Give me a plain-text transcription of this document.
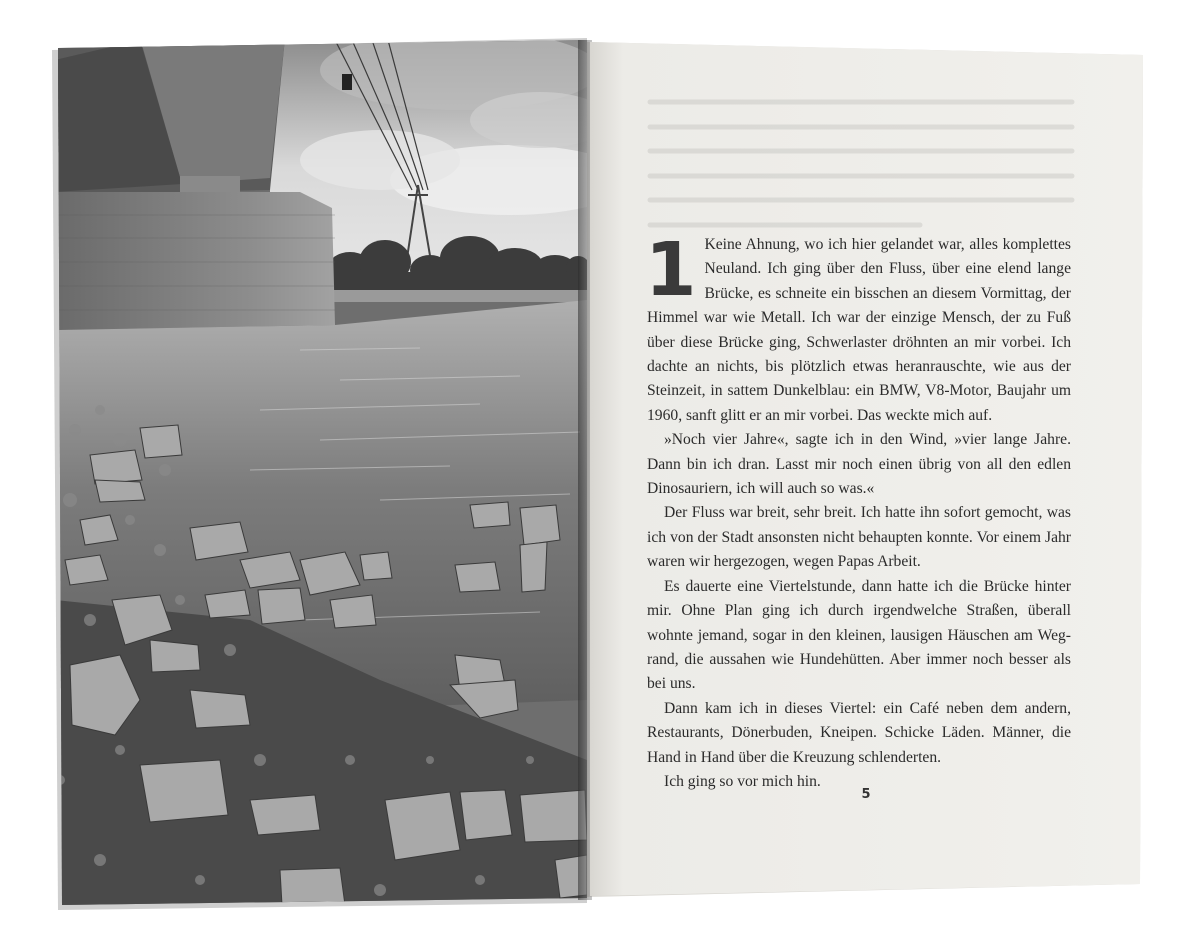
1 Keine Ahnung, wo ich hier gelandet war, alles komplettes Neuland. Ich ging über den Fluss, über eine elend lange Brücke, es schneite ein bisschen an diesem Vormittag, der Himmel war wie Metall. Ich war der einzige Mensch, der zu Fuß über diese Brücke ging, Schwerlaster dröhnten an mir vorbei. Ich dachte an nichts, bis plötzlich etwas heranrauschte, wie aus der Steinzeit, in sattem Dunkelblau: ein BMW, V8-Motor, Baujahr um 1960, sanft glitt er an mir vorbei. Das weckte mich auf.

»Noch vier Jahre«, sagte ich in den Wind, »vier lange Jahre. Dann bin ich dran. Lasst mir noch einen übrig von all den edlen Dinosauriern, ich will auch so was.«

Der Fluss war breit, sehr breit. Ich hatte ihn sofort gemocht, was ich von der Stadt ansonsten nicht behaupten konnte. Vor einem Jahr waren wir hergezogen, wegen Papas Arbeit.

Es dauerte eine Viertelstunde, dann hatte ich die Brücke hinter mir. Ohne Plan ging ich durch irgendwelche Straßen, überall wohnte jemand, sogar in den kleinen, lausigen Häuschen am Wegrand, die aussahen wie Hundehütten. Aber immer noch besser als bei uns.

Dann kam ich in dieses Viertel: ein Café neben dem andern, Restaurants, Dönerbuden, Kneipen. Schicke Läden. Männer, die Hand in Hand über die Kreuzung schlenderten.

Ich ging so vor mich hin.

5
